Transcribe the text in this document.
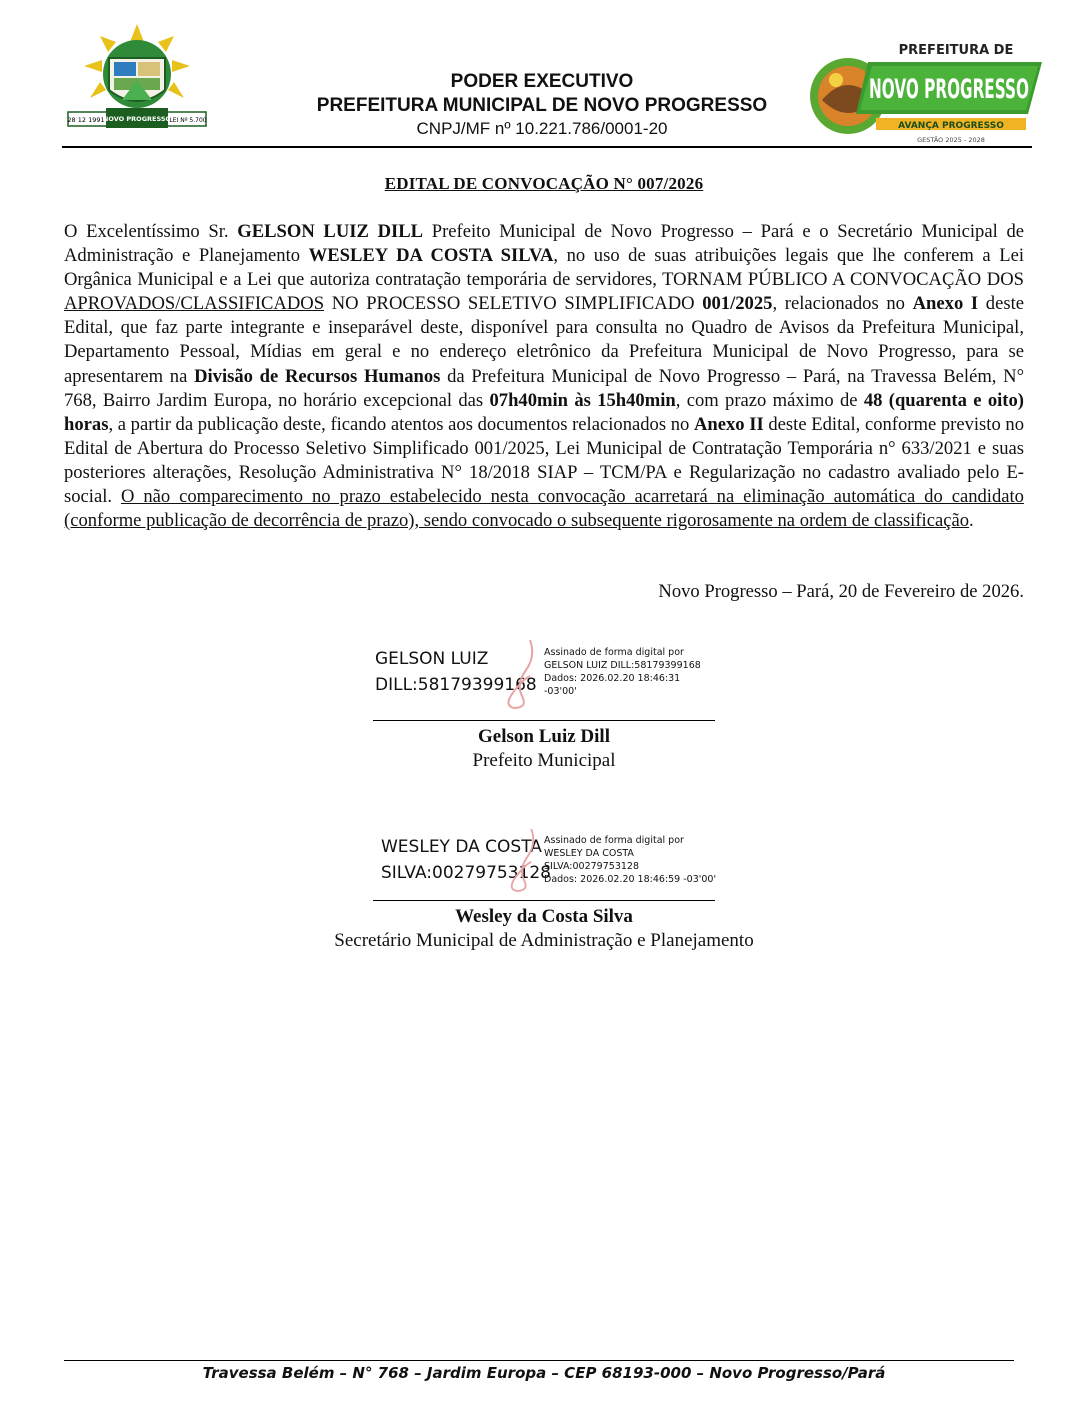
28 12 1991
NOVO PROGRESSO
LEI Nº 5.700
PODER EXECUTIVO
PREFEITURA MUNICIPAL DE NOVO PROGRESSO
CNPJ/MF nº 10.221.786/0001-20
PREFEITURA DE
NOVO PROGRESSO
AVANÇA PROGRESSO
GESTÃO 2025 - 2028
EDITAL DE CONVOCAÇÃO N° 007/2026
O Excelentíssimo Sr. GELSON LUIZ DILL Prefeito Municipal de Novo Progresso – Pará e o Secretário Municipal de Administração e Planejamento WESLEY DA COSTA SILVA, no uso de suas atribuições legais que lhe conferem a Lei Orgânica Municipal e a Lei que autoriza contratação temporária de servidores, TORNAM PÚBLICO A CONVOCAÇÃO DOS APROVADOS/CLASSIFICADOS NO PROCESSO SELETIVO SIMPLIFICADO 001/2025, relacionados no Anexo I deste Edital, que faz parte integrante e inseparável deste, disponível para consulta no Quadro de Avisos da Prefeitura Municipal, Departamento Pessoal, Mídias em geral e no endereço eletrônico da Prefeitura Municipal de Novo Progresso, para se apresentarem na Divisão de Recursos Humanos da Prefeitura Municipal de Novo Progresso – Pará, na Travessa Belém, N° 768, Bairro Jardim Europa, no horário excepcional das 07h40min às 15h40min, com prazo máximo de 48 (quarenta e oito) horas, a partir da publicação deste, ficando atentos aos documentos relacionados no Anexo II deste Edital, conforme previsto no Edital de Abertura do Processo Seletivo Simplificado 001/2025, Lei Municipal de Contratação Temporária n° 633/2021 e suas posteriores alterações, Resolução Administrativa N° 18/2018 SIAP – TCM/PA e Regularização no cadastro avaliado pelo E-social. O não comparecimento no prazo estabelecido nesta convocação acarretará na eliminação automática do candidato (conforme publicação de decorrência de prazo), sendo convocado o subsequente rigorosamente na ordem de classificação.
Novo Progresso – Pará, 20 de Fevereiro de 2026.
GELSON LUIZ
DILL:58179399168
Assinado de forma digital por
GELSON LUIZ DILL:58179399168
Dados: 2026.02.20 18:46:31
-03'00'
Gelson Luiz Dill
Prefeito Municipal
WESLEY DA COSTA
SILVA:00279753128
Assinado de forma digital por
WESLEY DA COSTA
SILVA:00279753128
Dados: 2026.02.20 18:46:59 -03'00'
Wesley da Costa Silva
Secretário Municipal de Administração e Planejamento
Travessa Belém – N° 768 – Jardim Europa – CEP 68193-000 – Novo Progresso/Pará
